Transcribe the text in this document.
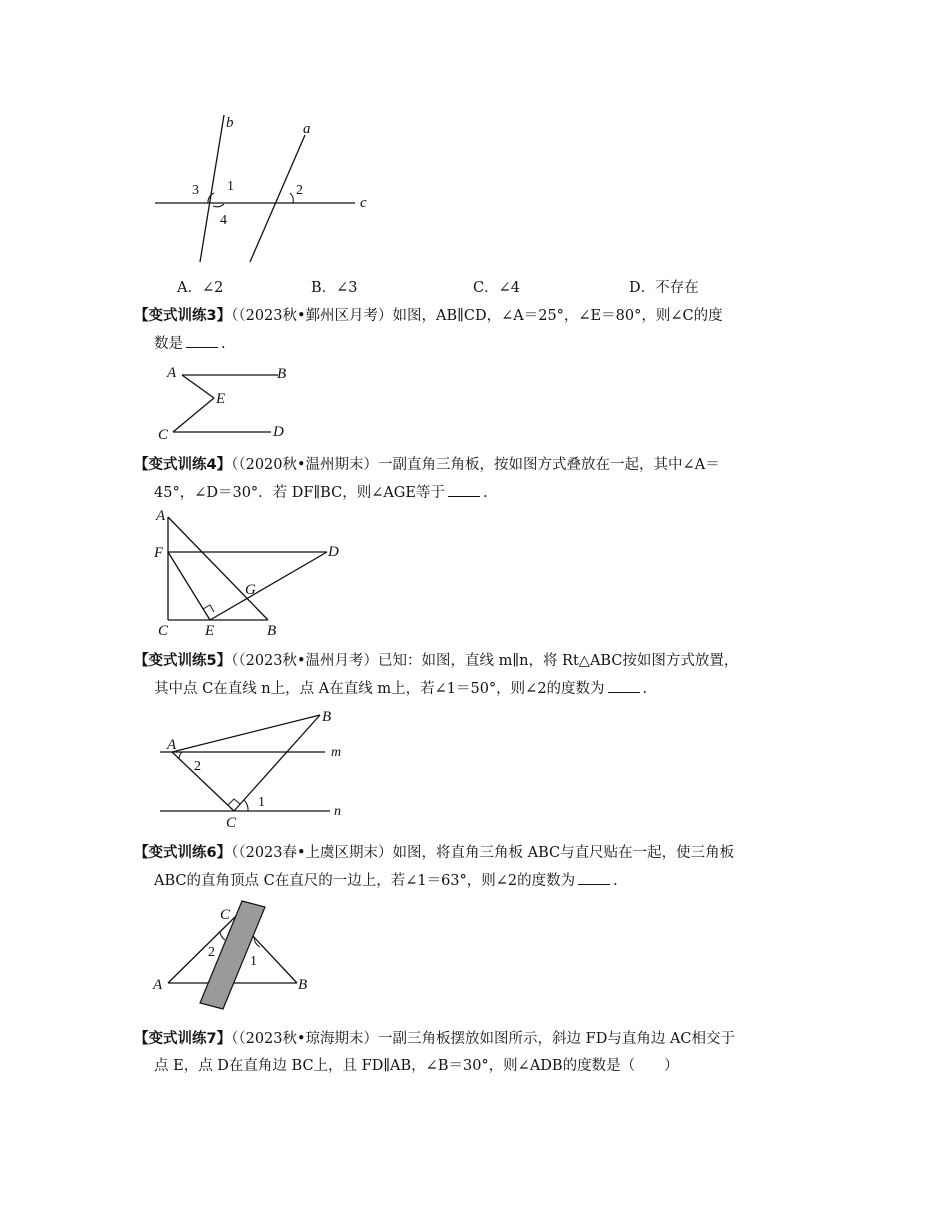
b	a
c
3 1	2
4
A．∠2	B．∠3	C．∠4	D．不存在
【变式训练3】（（2023秋•鄞州区月考）如图，AB∥CD，∠A＝25°，∠E＝80°，则∠C的度
数是	.
A	B
E
C	D
【变式训练4】（（2020秋•温州期末）一副直角三角板，按如图方式叠放在一起，其中∠A＝
45°，∠D＝30°．若 DF∥BC，则∠AGE等于	.
A
F	D
G
C E	B
【变式训练5】（（2023秋•温州月考）已知：如图，直线 m∥n，将 Rt△ABC按如图方式放置，
其中点 C在直线 n上，点 A在直线 m上，若∠1＝50°，则∠2的度数为	.
A
B
C
m
n
2
1
【变式训练6】（（2023春•上虞区期末）如图，将直角三角板 ABC与直尺贴在一起，使三角板
ABC的直角顶点 C在直尺的一边上，若∠1＝63°，则∠2的度数为	.
A	B
C
2
1
【变式训练7】（（2023秋•琼海期末）一副三角板摆放如图所示，斜边 FD与直角边 AC相交于
点 E，点 D在直角边 BC上，且 FD∥AB，∠B＝30°，则∠ADB的度数是（　　）
